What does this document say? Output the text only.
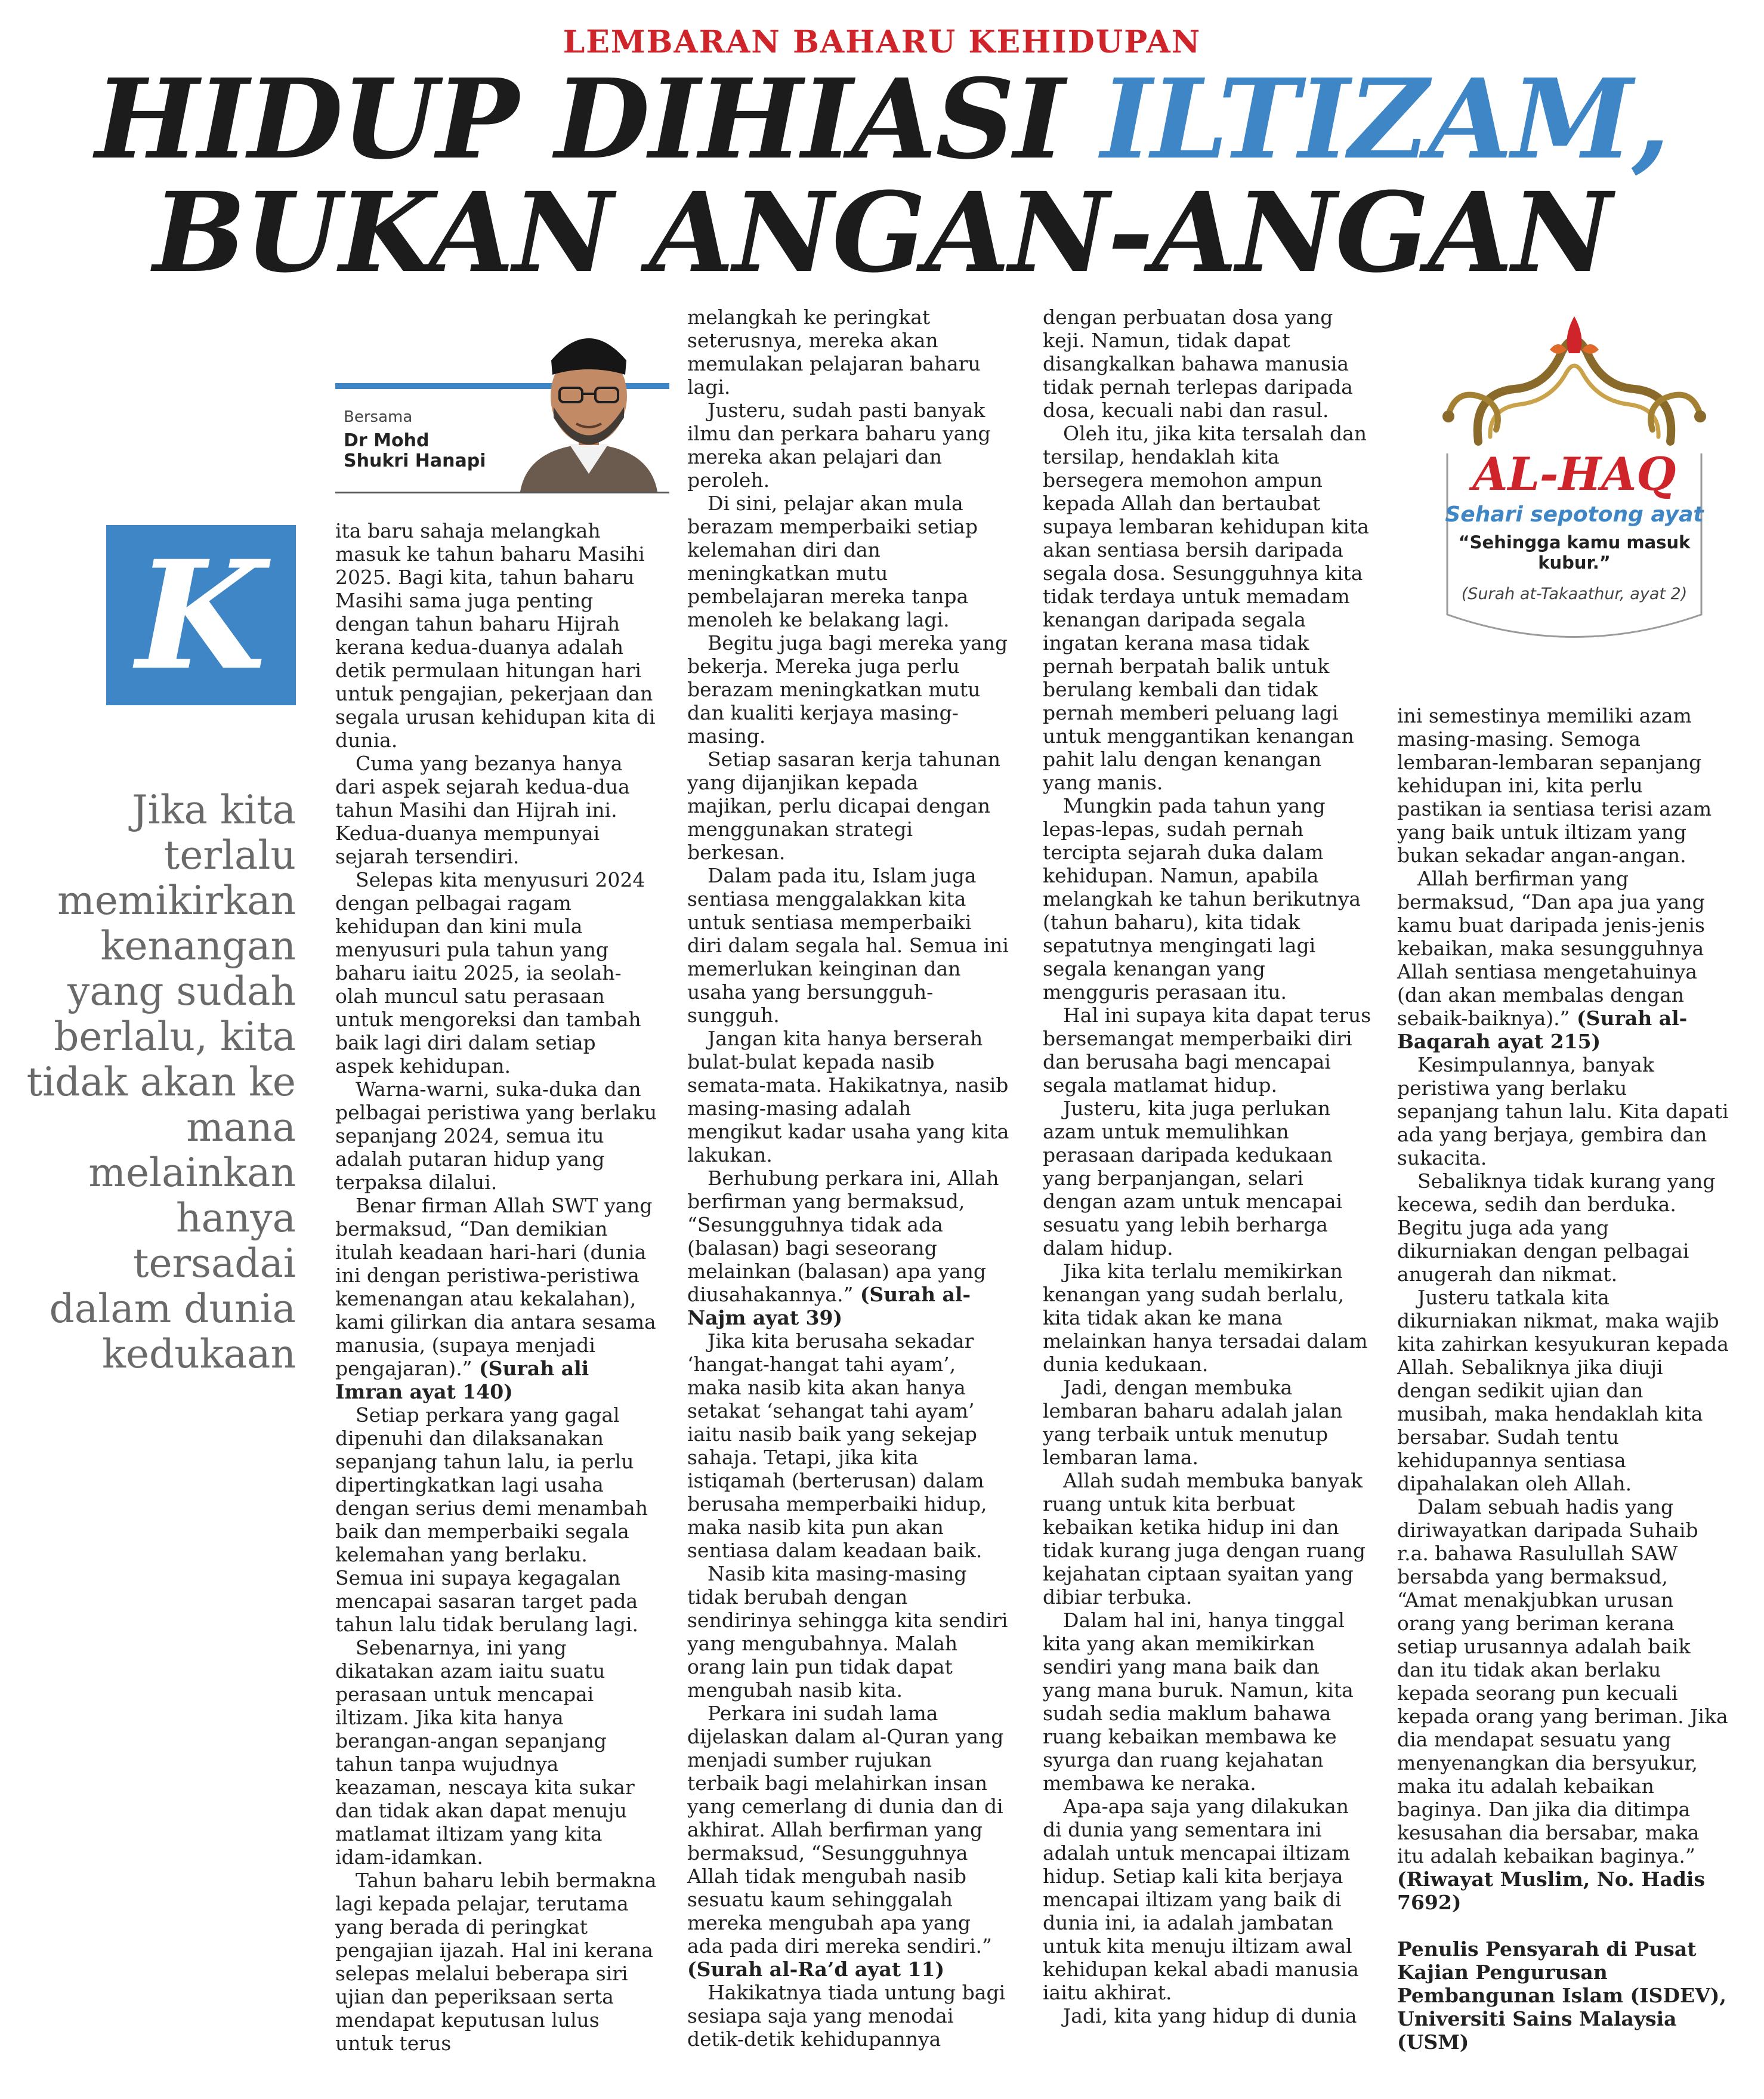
LEMBARAN BAHARU KEHIDUPAN
HIDUP DIHIASI ILTIZAM,
BUKAN ANGAN-ANGAN
Bersama
Dr Mohd
Shukri Hanapi
K
Jika kita terlalu memikirkan kenangan yang sudah berlalu, kita tidak akan ke mana melainkan hanya tersadai dalam dunia kedukaan

ita baru sahaja melangkah masuk ke tahun baharu Masihi 2025. Bagi kita, tahun baharu Masihi sama juga penting dengan tahun baharu Hijrah kerana kedua-duanya adalah detik permulaan hitungan hari untuk pengajian, pekerjaan dan segala urusan kehidupan kita di dunia.

Cuma yang bezanya hanya dari aspek sejarah kedua-dua tahun Masihi dan Hijrah ini. Kedua-duanya mempunyai sejarah tersendiri.

Selepas kita menyusuri 2024 dengan pelbagai ragam kehidupan dan kini mula menyusuri pula tahun yang baharu iaitu 2025, ia seolah-olah muncul satu perasaan untuk mengoreksi dan tambah baik lagi diri dalam setiap aspek kehidupan.

Warna-warni, suka-duka dan pelbagai peristiwa yang berlaku sepanjang 2024, semua itu adalah putaran hidup yang terpaksa dilalui.

Benar firman Allah SWT yang bermaksud, “Dan demikian itulah keadaan hari-hari (dunia ini dengan peristiwa-peristiwa kemenangan atau kekalahan), kami gilirkan dia antara sesama manusia, (supaya menjadi pengajaran).” (Surah ali Imran ayat 140)

Setiap perkara yang gagal dipenuhi dan dilaksanakan sepanjang tahun lalu, ia perlu dipertingkatkan lagi usaha dengan serius demi menambah baik dan memperbaiki segala kelemahan yang berlaku. Semua ini supaya kegagalan mencapai sasaran target pada tahun lalu tidak berulang lagi.

Sebenarnya, ini yang dikatakan azam iaitu suatu perasaan untuk mencapai iltizam. Jika kita hanya berangan-angan sepanjang tahun tanpa wujudnya keazaman, nescaya kita sukar dan tidak akan dapat menuju matlamat iltizam yang kita idam-idamkan.

Tahun baharu lebih bermakna lagi kepada pelajar, terutama yang berada di peringkat pengajian ijazah. Hal ini kerana selepas melalui beberapa siri ujian dan peperiksaan serta mendapat keputusan lulus untuk terus

melangkah ke peringkat seterusnya, mereka akan memulakan pelajaran baharu lagi.

Justeru, sudah pasti banyak ilmu dan perkara baharu yang mereka akan pelajari dan peroleh.

Di sini, pelajar akan mula berazam memperbaiki setiap kelemahan diri dan meningkatkan mutu pembelajaran mereka tanpa menoleh ke belakang lagi.

Begitu juga bagi mereka yang bekerja. Mereka juga perlu berazam meningkatkan mutu dan kualiti kerjaya masing-masing.

Setiap sasaran kerja tahunan yang dijanjikan kepada majikan, perlu dicapai dengan menggunakan strategi berkesan.

Dalam pada itu, Islam juga sentiasa menggalakkan kita untuk sentiasa memperbaiki diri dalam segala hal. Semua ini memerlukan keinginan dan usaha yang bersungguh-sungguh.

Jangan kita hanya berserah bulat-bulat kepada nasib semata-mata. Hakikatnya, nasib masing-masing adalah mengikut kadar usaha yang kita lakukan.

Berhubung perkara ini, Allah berfirman yang bermaksud, “Sesungguhnya tidak ada (balasan) bagi seseorang melainkan (balasan) apa yang diusahakannya.” (Surah al-Najm ayat 39)

Jika kita berusaha sekadar ‘hangat-hangat tahi ayam’, maka nasib kita akan hanya setakat ‘sehangat tahi ayam’ iaitu nasib baik yang sekejap sahaja. Tetapi, jika kita istiqamah (berterusan) dalam berusaha memperbaiki hidup, maka nasib kita pun akan sentiasa dalam keadaan baik.

Nasib kita masing-masing tidak berubah dengan sendirinya sehingga kita sendiri yang mengubahnya. Malah orang lain pun tidak dapat mengubah nasib kita.

Perkara ini sudah lama dijelaskan dalam al-Quran yang menjadi sumber rujukan terbaik bagi melahirkan insan yang cemerlang di dunia dan di akhirat. Allah berfirman yang bermaksud, “Sesungguhnya Allah tidak mengubah nasib sesuatu kaum sehinggalah mereka mengubah apa yang ada pada diri mereka sendiri.” (Surah al-Ra’d ayat 11)

Hakikatnya tiada untung bagi sesiapa saja yang menodai detik-detik kehidupannya

dengan perbuatan dosa yang keji. Namun, tidak dapat disangkalkan bahawa manusia tidak pernah terlepas daripada dosa, kecuali nabi dan rasul.

Oleh itu, jika kita tersalah dan tersilap, hendaklah kita bersegera memohon ampun kepada Allah dan bertaubat supaya lembaran kehidupan kita akan sentiasa bersih daripada segala dosa. Sesungguhnya kita tidak terdaya untuk memadam kenangan daripada segala ingatan kerana masa tidak pernah berpatah balik untuk berulang kembali dan tidak pernah memberi peluang lagi untuk menggantikan kenangan pahit lalu dengan kenangan yang manis.

Mungkin pada tahun yang lepas-lepas, sudah pernah tercipta sejarah duka dalam kehidupan. Namun, apabila melangkah ke tahun berikutnya (tahun baharu), kita tidak sepatutnya mengingati lagi segala kenangan yang mengguris perasaan itu.

Hal ini supaya kita dapat terus bersemangat memperbaiki diri dan berusaha bagi mencapai segala matlamat hidup.

Justeru, kita juga perlukan azam untuk memulihkan perasaan daripada kedukaan yang berpanjangan, selari dengan azam untuk mencapai sesuatu yang lebih berharga dalam hidup.

Jika kita terlalu memikirkan kenangan yang sudah berlalu, kita tidak akan ke mana melainkan hanya tersadai dalam dunia kedukaan.

Jadi, dengan membuka lembaran baharu adalah jalan yang terbaik untuk menutup lembaran lama.

Allah sudah membuka banyak ruang untuk kita berbuat kebaikan ketika hidup ini dan tidak kurang juga dengan ruang kejahatan ciptaan syaitan yang dibiar terbuka.

Dalam hal ini, hanya tinggal kita yang akan memikirkan sendiri yang mana baik dan yang mana buruk. Namun, kita sudah sedia maklum bahawa ruang kebaikan membawa ke syurga dan ruang kejahatan membawa ke neraka.

Apa-apa saja yang dilakukan di dunia yang sementara ini adalah untuk mencapai iltizam hidup. Setiap kali kita berjaya mencapai iltizam yang baik di dunia ini, ia adalah jambatan untuk kita menuju iltizam awal kehidupan kekal abadi manusia iaitu akhirat.

Jadi, kita yang hidup di dunia

AL-HAQ
Sehari sepotong ayat
“Sehingga kamu masuk kubur.”
(Surah at-Takaathur, ayat 2)

ini semestinya memiliki azam masing-masing. Semoga lembaran-lembaran sepanjang kehidupan ini, kita perlu pastikan ia sentiasa terisi azam yang baik untuk iltizam yang bukan sekadar angan-angan.

Allah berfirman yang bermaksud, “Dan apa jua yang kamu buat daripada jenis-jenis kebaikan, maka sesungguhnya Allah sentiasa mengetahuinya (dan akan membalas dengan sebaik-baiknya).” (Surah al-Baqarah ayat 215)

Kesimpulannya, banyak peristiwa yang berlaku sepanjang tahun lalu. Kita dapati ada yang berjaya, gembira dan sukacita.

Sebaliknya tidak kurang yang kecewa, sedih dan berduka. Begitu juga ada yang dikurniakan dengan pelbagai anugerah dan nikmat.

Justeru tatkala kita dikurniakan nikmat, maka wajib kita zahirkan kesyukuran kepada Allah. Sebaliknya jika diuji dengan sedikit ujian dan musibah, maka hendaklah kita bersabar. Sudah tentu kehidupannya sentiasa dipahalakan oleh Allah.

Dalam sebuah hadis yang diriwayatkan daripada Suhaib r.a. bahawa Rasulullah SAW bersabda yang bermaksud, “Amat menakjubkan urusan orang yang beriman kerana setiap urusannya adalah baik dan itu tidak akan berlaku kepada seorang pun kecuali kepada orang yang beriman. Jika dia mendapat sesuatu yang menyenangkan dia bersyukur, maka itu adalah kebaikan baginya. Dan jika dia ditimpa kesusahan dia bersabar, maka itu adalah kebaikan baginya.” (Riwayat Muslim, No. Hadis 7692)

Penulis Pensyarah di Pusat Kajian Pengurusan Pembangunan Islam (ISDEV), Universiti Sains Malaysia (USM)
